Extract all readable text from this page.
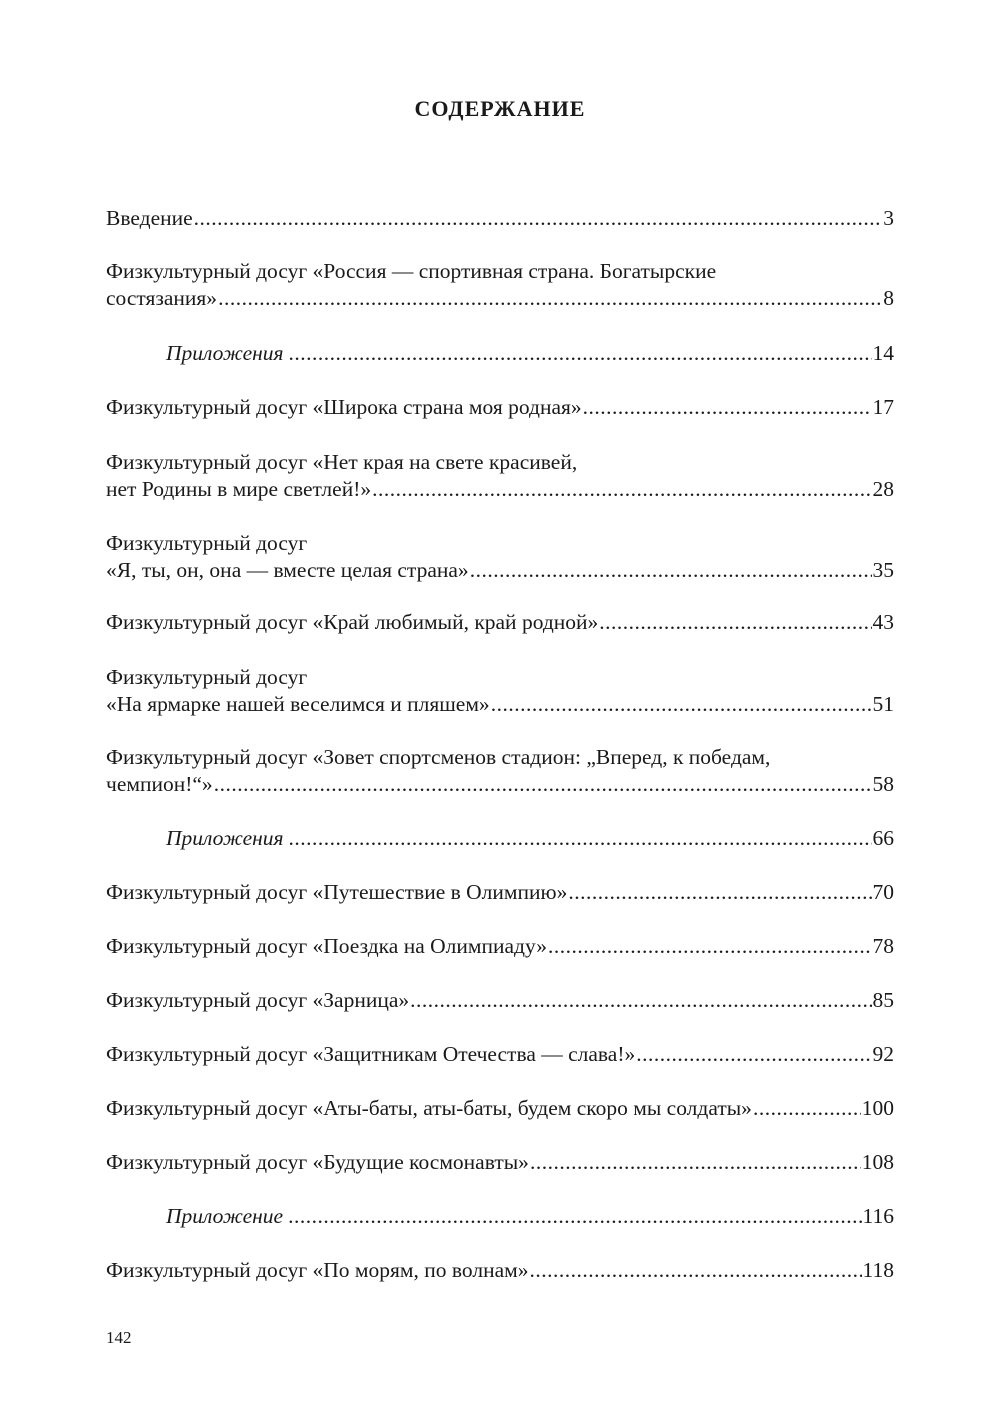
СОДЕРЖАНИЕ
Введение .....	3
Физкультурный досуг «Россия — спортивная страна. Богатырские
состязания» .....	8
Приложения .....	14
Физкультурный досуг «Широка страна моя родная» .....	17
Физкультурный досуг «Нет края на свете красивей,
нет Родины в мире светлей!» .....	28
Физкультурный досуг
«Я, ты, он, она — вместе целая страна» .....	35
Физкультурный досуг «Край любимый, край родной» .....	43
Физкультурный досуг
«На ярмарке нашей веселимся и пляшем» .....	51
Физкультурный досуг «Зовет спортсменов стадион: „Вперед, к победам,
чемпион!“» .....	58
Приложения .....	66
Физкультурный досуг «Путешествие в Олимпию» .....	70
Физкультурный досуг «Поездка на Олимпиаду» .....	78
Физкультурный досуг «Зарница» .....	85
Физкультурный досуг «Защитникам Отечества — слава!» .....	92
Физкультурный досуг «Аты-баты, аты-баты, будем скоро мы солдаты» .....	100
Физкультурный досуг «Будущие космонавты» .....	108
Приложение .....	116
Физкультурный досуг «По морям, по волнам» .....	118
142
